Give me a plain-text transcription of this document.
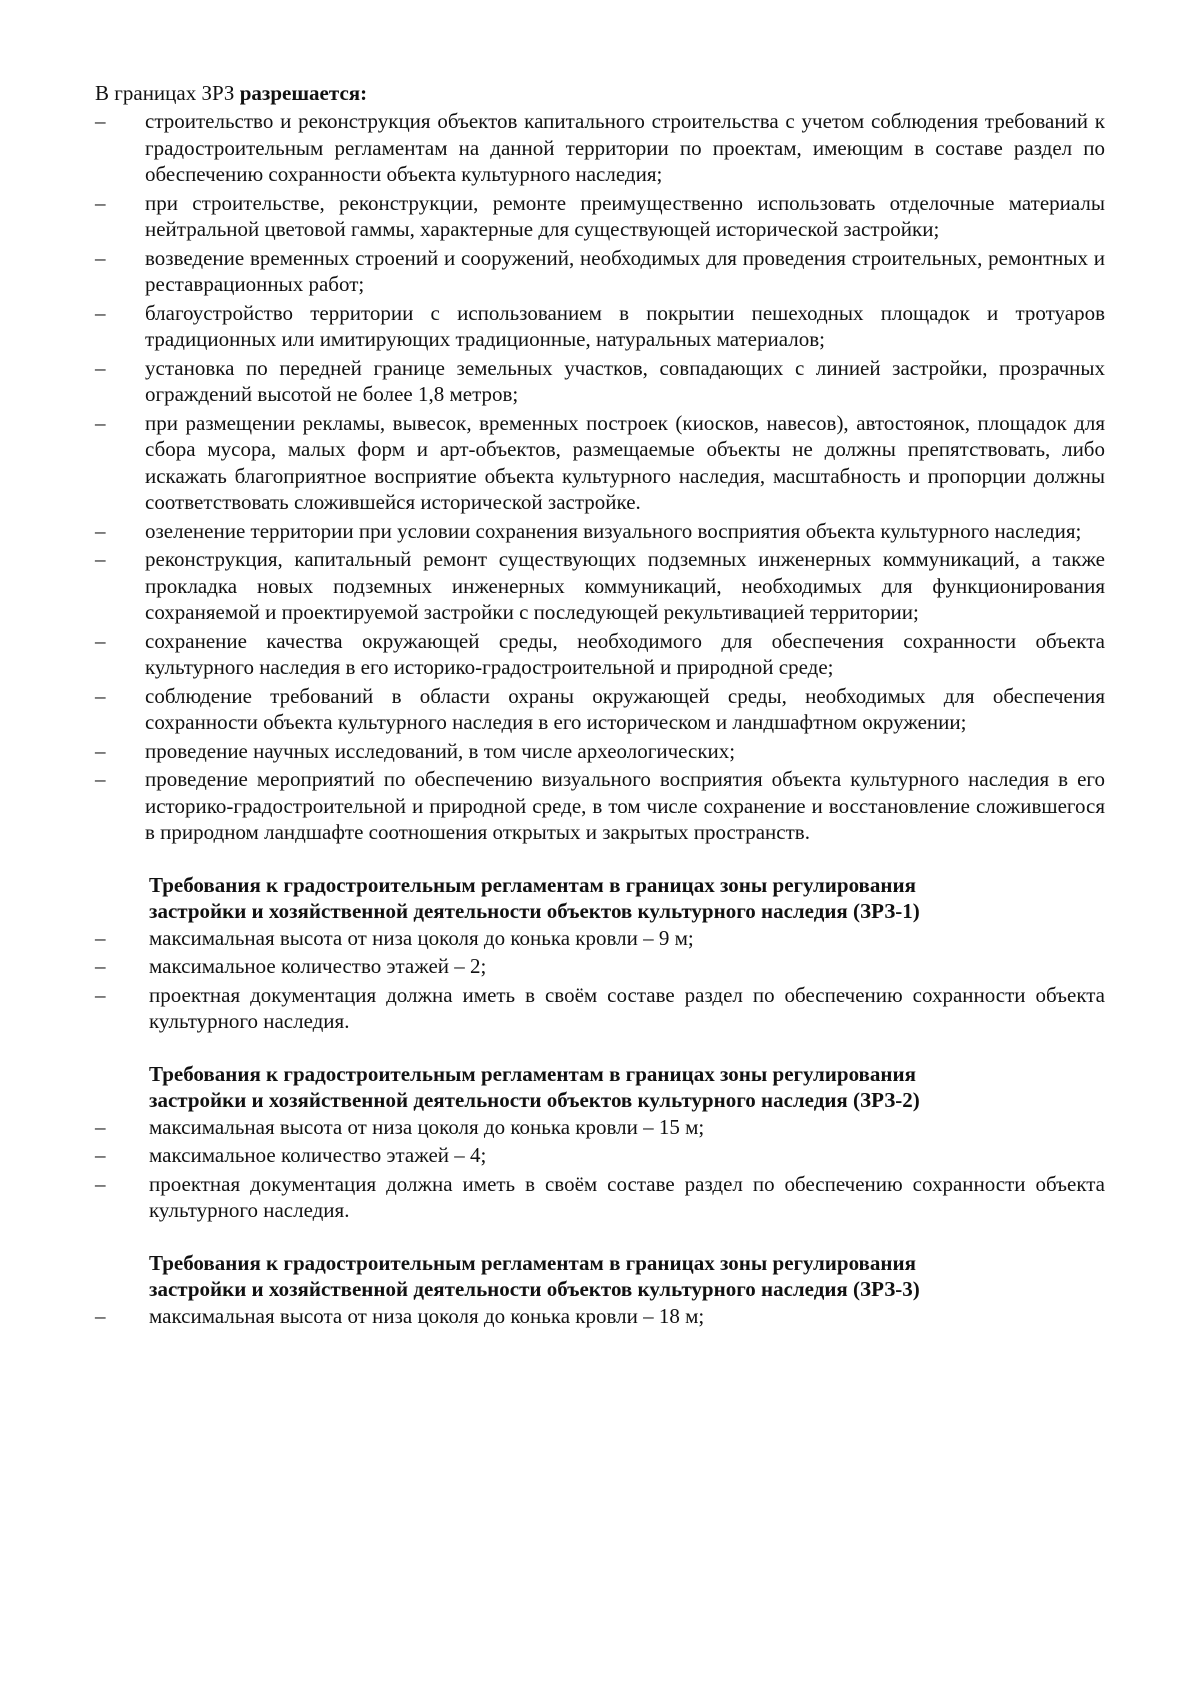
В границах ЗРЗ разрешается:

– строительство и реконструкция объектов капитального строительства с учетом соблюдения требований к градостроительным регламентам на данной территории по проектам, имеющим в составе раздел по обеспечению сохранности объекта культурного наследия;
– при строительстве, реконструкции, ремонте преимущественно использовать отделочные материалы нейтральной цветовой гаммы, характерные для существующей исторической застройки;
– возведение временных строений и сооружений, необходимых для проведения строительных, ремонтных и реставрационных работ;
– благоустройство территории с использованием в покрытии пешеходных площадок и тротуаров традиционных или имитирующих традиционные, натуральных материалов;
– установка по передней границе земельных участков, совпадающих с линией застройки, прозрачных ограждений высотой не более 1,8 метров;
– при размещении рекламы, вывесок, временных построек (киосков, навесов), автостоянок, площадок для сбора мусора, малых форм и арт-объектов, размещаемые объекты не должны препятствовать, либо искажать благоприятное восприятие объекта культурного наследия, масштабность и пропорции должны соответствовать сложившейся исторической застройке.
– озеленение территории при условии сохранения визуального восприятия объекта культурного наследия;
– реконструкция, капитальный ремонт существующих подземных инженерных коммуникаций, а также прокладка новых подземных инженерных коммуникаций, необходимых для функционирования сохраняемой и проектируемой застройки с последующей рекультивацией территории;
– сохранение качества окружающей среды, необходимого для обеспечения сохранности объекта культурного наследия в его историко-градостроительной и природной среде;
– соблюдение требований в области охраны окружающей среды, необходимых для обеспечения сохранности объекта культурного наследия в его историческом и ландшафтном окружении;
– проведение научных исследований, в том числе археологических;
– проведение мероприятий по обеспечению визуального восприятия объекта культурного наследия в его историко-градостроительной и природной среде, в том числе сохранение и восстановление сложившегося в природном ландшафте соотношения открытых и закрытых пространств.

Требования к градостроительным регламентам в границах зоны регулирования
застройки и хозяйственной деятельности объектов культурного наследия (ЗРЗ-1)

– максимальная высота от низа цоколя до конька кровли – 9 м;
– максимальное количество этажей – 2;
– проектная документация должна иметь в своём составе раздел по обеспечению сохранности объекта культурного наследия.

Требования к градостроительным регламентам в границах зоны регулирования
застройки и хозяйственной деятельности объектов культурного наследия (ЗРЗ-2)

– максимальная высота от низа цоколя до конька кровли – 15 м;
– максимальное количество этажей – 4;
– проектная документация должна иметь в своём составе раздел по обеспечению сохранности объекта культурного наследия.

Требования к градостроительным регламентам в границах зоны регулирования
застройки и хозяйственной деятельности объектов культурного наследия (ЗРЗ-3)

– максимальная высота от низа цоколя до конька кровли – 18 м;
